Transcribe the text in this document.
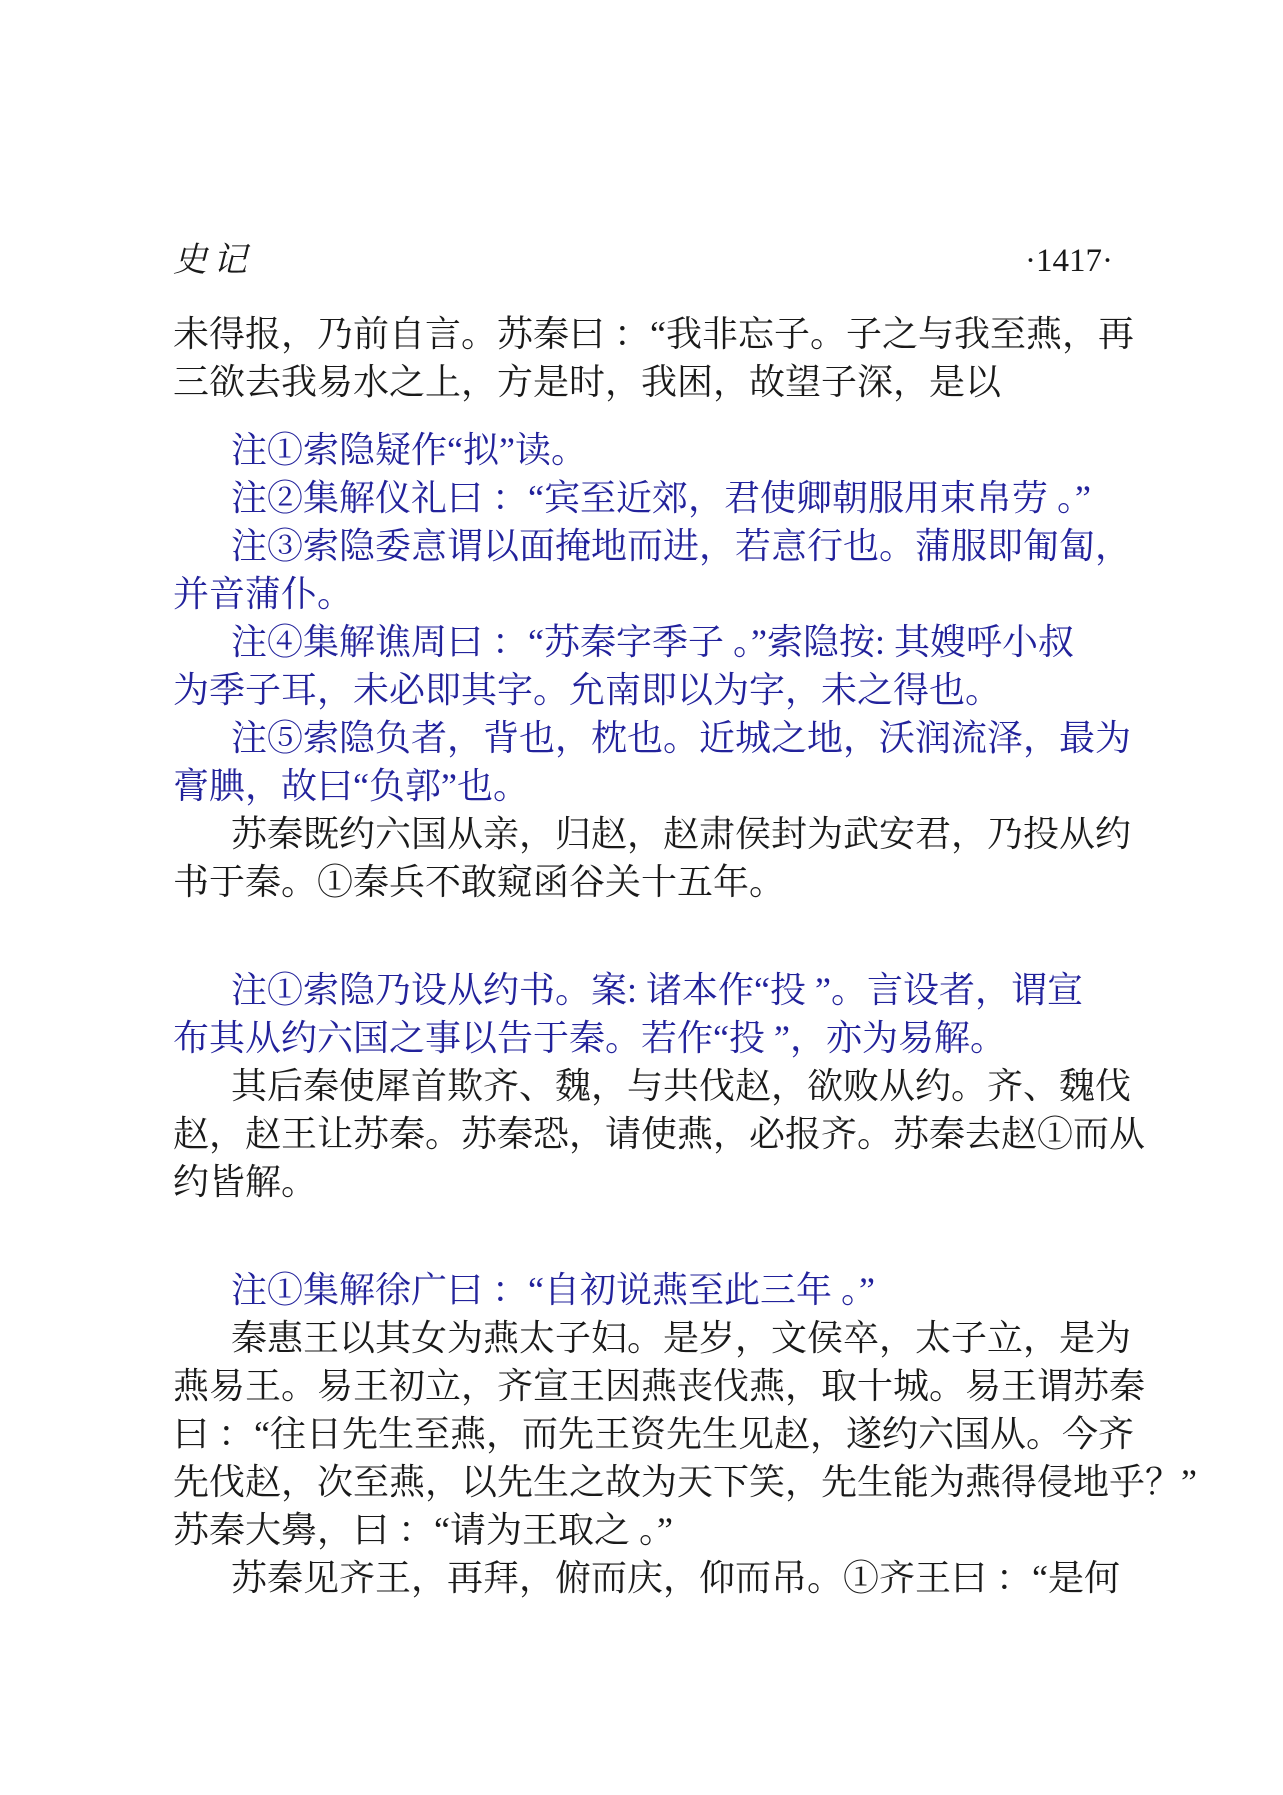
史记	·1417·
未得报，乃前自言。苏秦曰 ：“我非忘子。子之与我至燕，再
三欲去我易水之上，方是时，我困，故望子深，是以
注①索隐疑作“拟”读。
注②集解仪礼曰 ：“宾至近郊，君使卿朝服用束帛劳 。”
注③索隐委悥谓以面掩地而进，若悥行也。蒲服即匍匐，
并音蒲仆。
注④集解谯周曰 ：“苏秦字季子 。”索隐按: 其嫂呼小叔
为季子耳，未必即其字。允南即以为字，未之得也。
注⑤索隐负者，背也，枕也。近城之地，沃润流泽，最为
膏腆，故曰“负郭”也。
苏秦既约六国从亲，归赵，赵肃侯封为武安君，乃投从约
书于秦。①秦兵不敢窥函谷关十五年。
注①索隐乃设从约书。案: 诸本作“投 ”。言设者，谓宣
布其从约六国之事以告于秦。若作“投 ”，亦为易解。
其后秦使犀首欺齐、魏，与共伐赵，欲败从约。齐、魏伐
赵，赵王让苏秦。苏秦恐，请使燕，必报齐。苏秦去赵①而从
约皆解。
注①集解徐广曰 ：“自初说燕至此三年 。”
秦惠王以其女为燕太子妇。是岁，文侯卒，太子立，是为
燕易王。易王初立，齐宣王因燕丧伐燕，取十城。易王谓苏秦
曰 ：“往日先生至燕，而先王资先生见赵，遂约六国从。今齐
先伐赵，次至燕，以先生之故为天下笑，先生能为燕得侵地乎？”
苏秦大臱，曰 ：“请为王取之 。”
苏秦见齐王，再拜，俯而庆，仰而吊。①齐王曰 ：“是何
